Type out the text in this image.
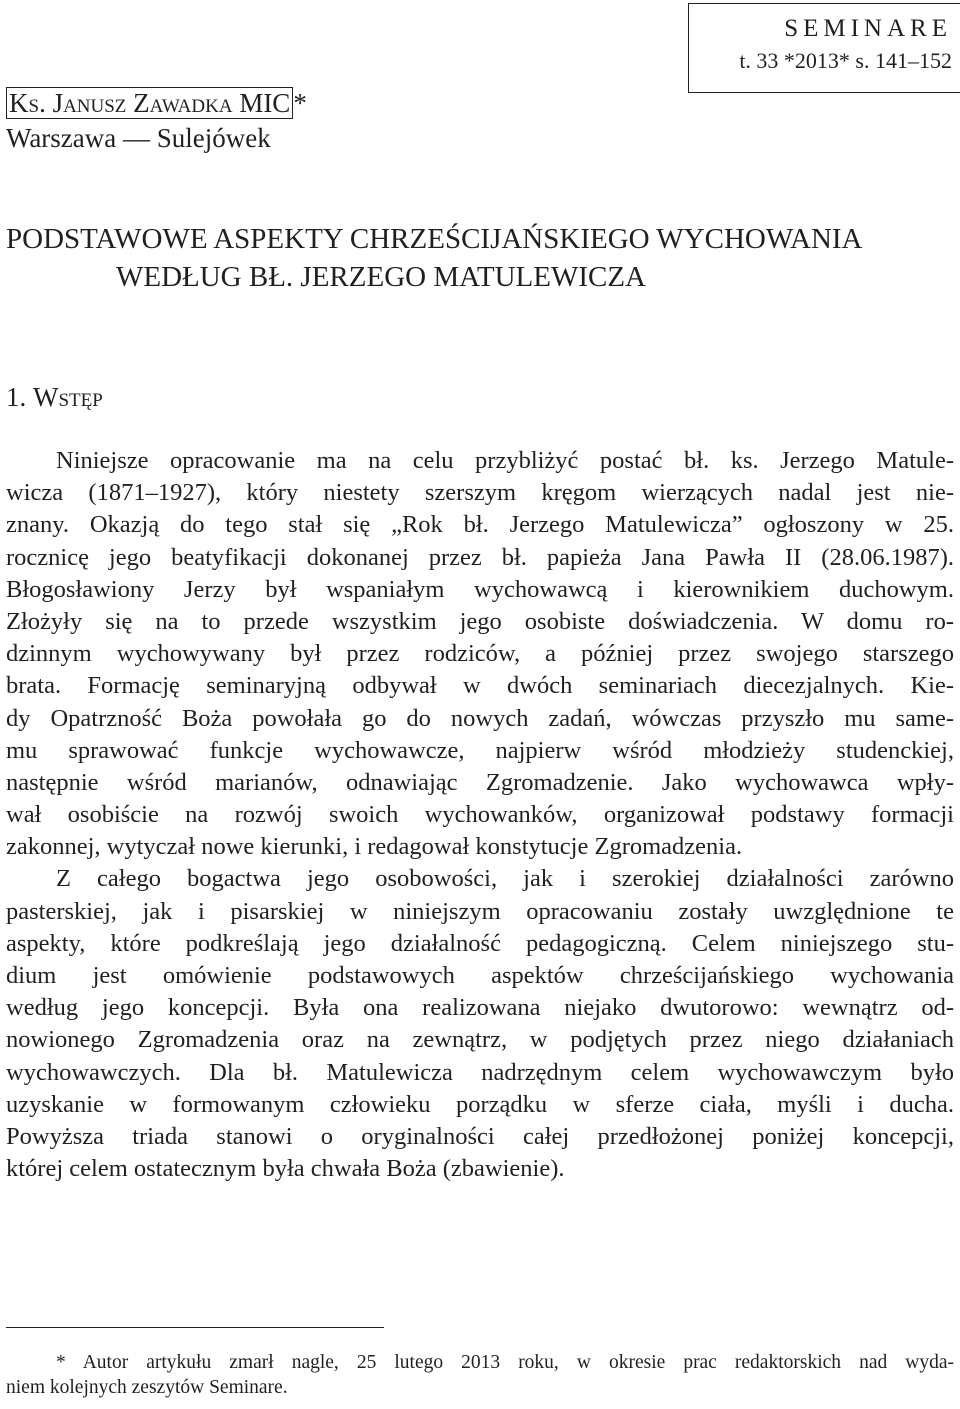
SEMINARE
t. 33 *2013* s. 141–152
Ks. Janusz Zawadka MIC *
Warszawa — Sulejówek
PODSTAWOWE ASPEKTY CHRZEŚCIJAŃSKIEGO WYCHOWANIA
WEDŁUG BŁ. JERZEGO MATULEWICZA
1. Wstęp
Niniejsze opracowanie ma na celu przybliżyć postać bł. ks. Jerzego Matule-
wicza (1871–1927), który niestety szerszym kręgom wierzących nadal jest nie-
znany. Okazją do tego stał się „Rok bł. Jerzego Matulewicza” ogłoszony w 25.
rocznicę jego beatyfikacji dokonanej przez bł. papieża Jana Pawła II (28.06.1987).
Błogosławiony Jerzy był wspaniałym wychowawcą i kierownikiem duchowym.
Złożyły się na to przede wszystkim jego osobiste doświadczenia. W domu ro-
dzinnym wychowywany był przez rodziców, a później przez swojego starszego
brata. Formację seminaryjną odbywał w dwóch seminariach diecezjalnych. Kie-
dy Opatrzność Boża powołała go do nowych zadań, wówczas przyszło mu same-
mu sprawować funkcje wychowawcze, najpierw wśród młodzieży studenckiej,
następnie wśród marianów, odnawiając Zgromadzenie. Jako wychowawca wpły-
wał osobiście na rozwój swoich wychowanków, organizował podstawy formacji
zakonnej, wytyczał nowe kierunki, i redagował konstytucje Zgromadzenia.
Z całego bogactwa jego osobowości, jak i szerokiej działalności zarówno
pasterskiej, jak i pisarskiej w niniejszym opracowaniu zostały uwzględnione te
aspekty, które podkreślają jego działalność pedagogiczną. Celem niniejszego stu-
dium jest omówienie podstawowych aspektów chrześcijańskiego wychowania
według jego koncepcji. Była ona realizowana niejako dwutorowo: wewnątrz od-
nowionego Zgromadzenia oraz na zewnątrz, w podjętych przez niego działaniach
wychowawczych. Dla bł. Matulewicza nadrzędnym celem wychowawczym było
uzyskanie w formowanym człowieku porządku w sferze ciała, myśli i ducha.
Powyższa triada stanowi o oryginalności całej przedłożonej poniżej koncepcji,
której celem ostatecznym była chwała Boża (zbawienie).
* Autor artykułu zmarł nagle, 25 lutego 2013 roku, w okresie prac redaktorskich nad wyda-
niem kolejnych zeszytów Seminare.
